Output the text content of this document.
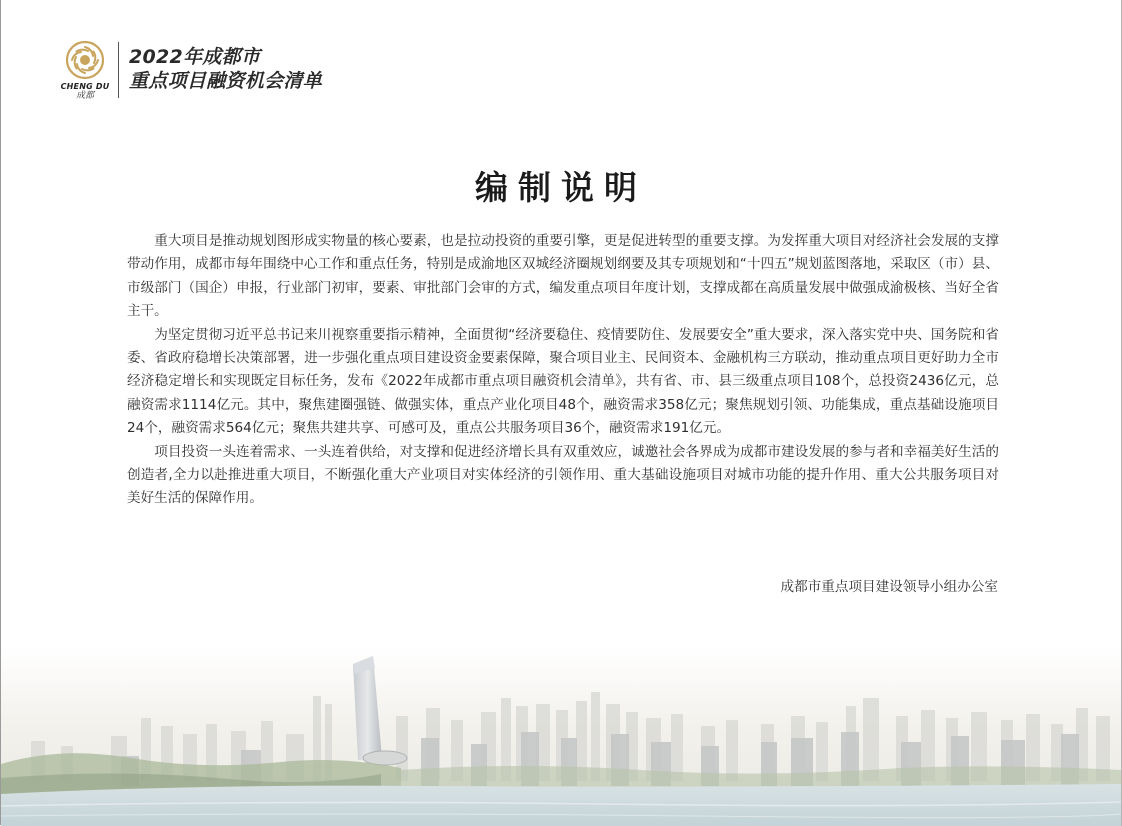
CHENG DU
成都
2022年成都市
重点项目融资机会清单
编制说明

重大项目是推动规划图形成实物量的核心要素，也是拉动投资的重要引擎，更是促进转型的重要支撑。为发挥重大项目对经济社会发展的支撑带动作用，成都市每年围绕中心工作和重点任务，特别是成渝地区双城经济圈规划纲要及其专项规划和“十四五”规划蓝图落地，采取区（市）县、市级部门（国企）申报，行业部门初审，要素、审批部门会审的方式，编发重点项目年度计划，支撑成都在高质量发展中做强成渝极核、当好全省主干。

为坚定贯彻习近平总书记来川视察重要指示精神，全面贯彻“经济要稳住、疫情要防住、发展要安全”重大要求，深入落实党中央、国务院和省委、省政府稳增长决策部署，进一步强化重点项目建设资金要素保障，聚合项目业主、民间资本、金融机构三方联动，推动重点项目更好助力全市经济稳定增长和实现既定目标任务，发布《2022年成都市重点项目融资机会清单》，共有省、市、县三级重点项目108个，总投资2436亿元，总融资需求1114亿元。其中，聚焦建圈强链、做强实体，重点产业化项目48个，融资需求358亿元；聚焦规划引领、功能集成，重点基础设施项目24个，融资需求564亿元；聚焦共建共享、可感可及，重点公共服务项目36个，融资需求191亿元。

项目投资一头连着需求、一头连着供给，对支撑和促进经济增长具有双重效应，诚邀社会各界成为成都市建设发展的参与者和幸福美好生活的创造者,全力以赴推进重大项目，不断强化重大产业项目对实体经济的引领作用、重大基础设施项目对城市功能的提升作用、重大公共服务项目对美好生活的保障作用。

成都市重点项目建设领导小组办公室
